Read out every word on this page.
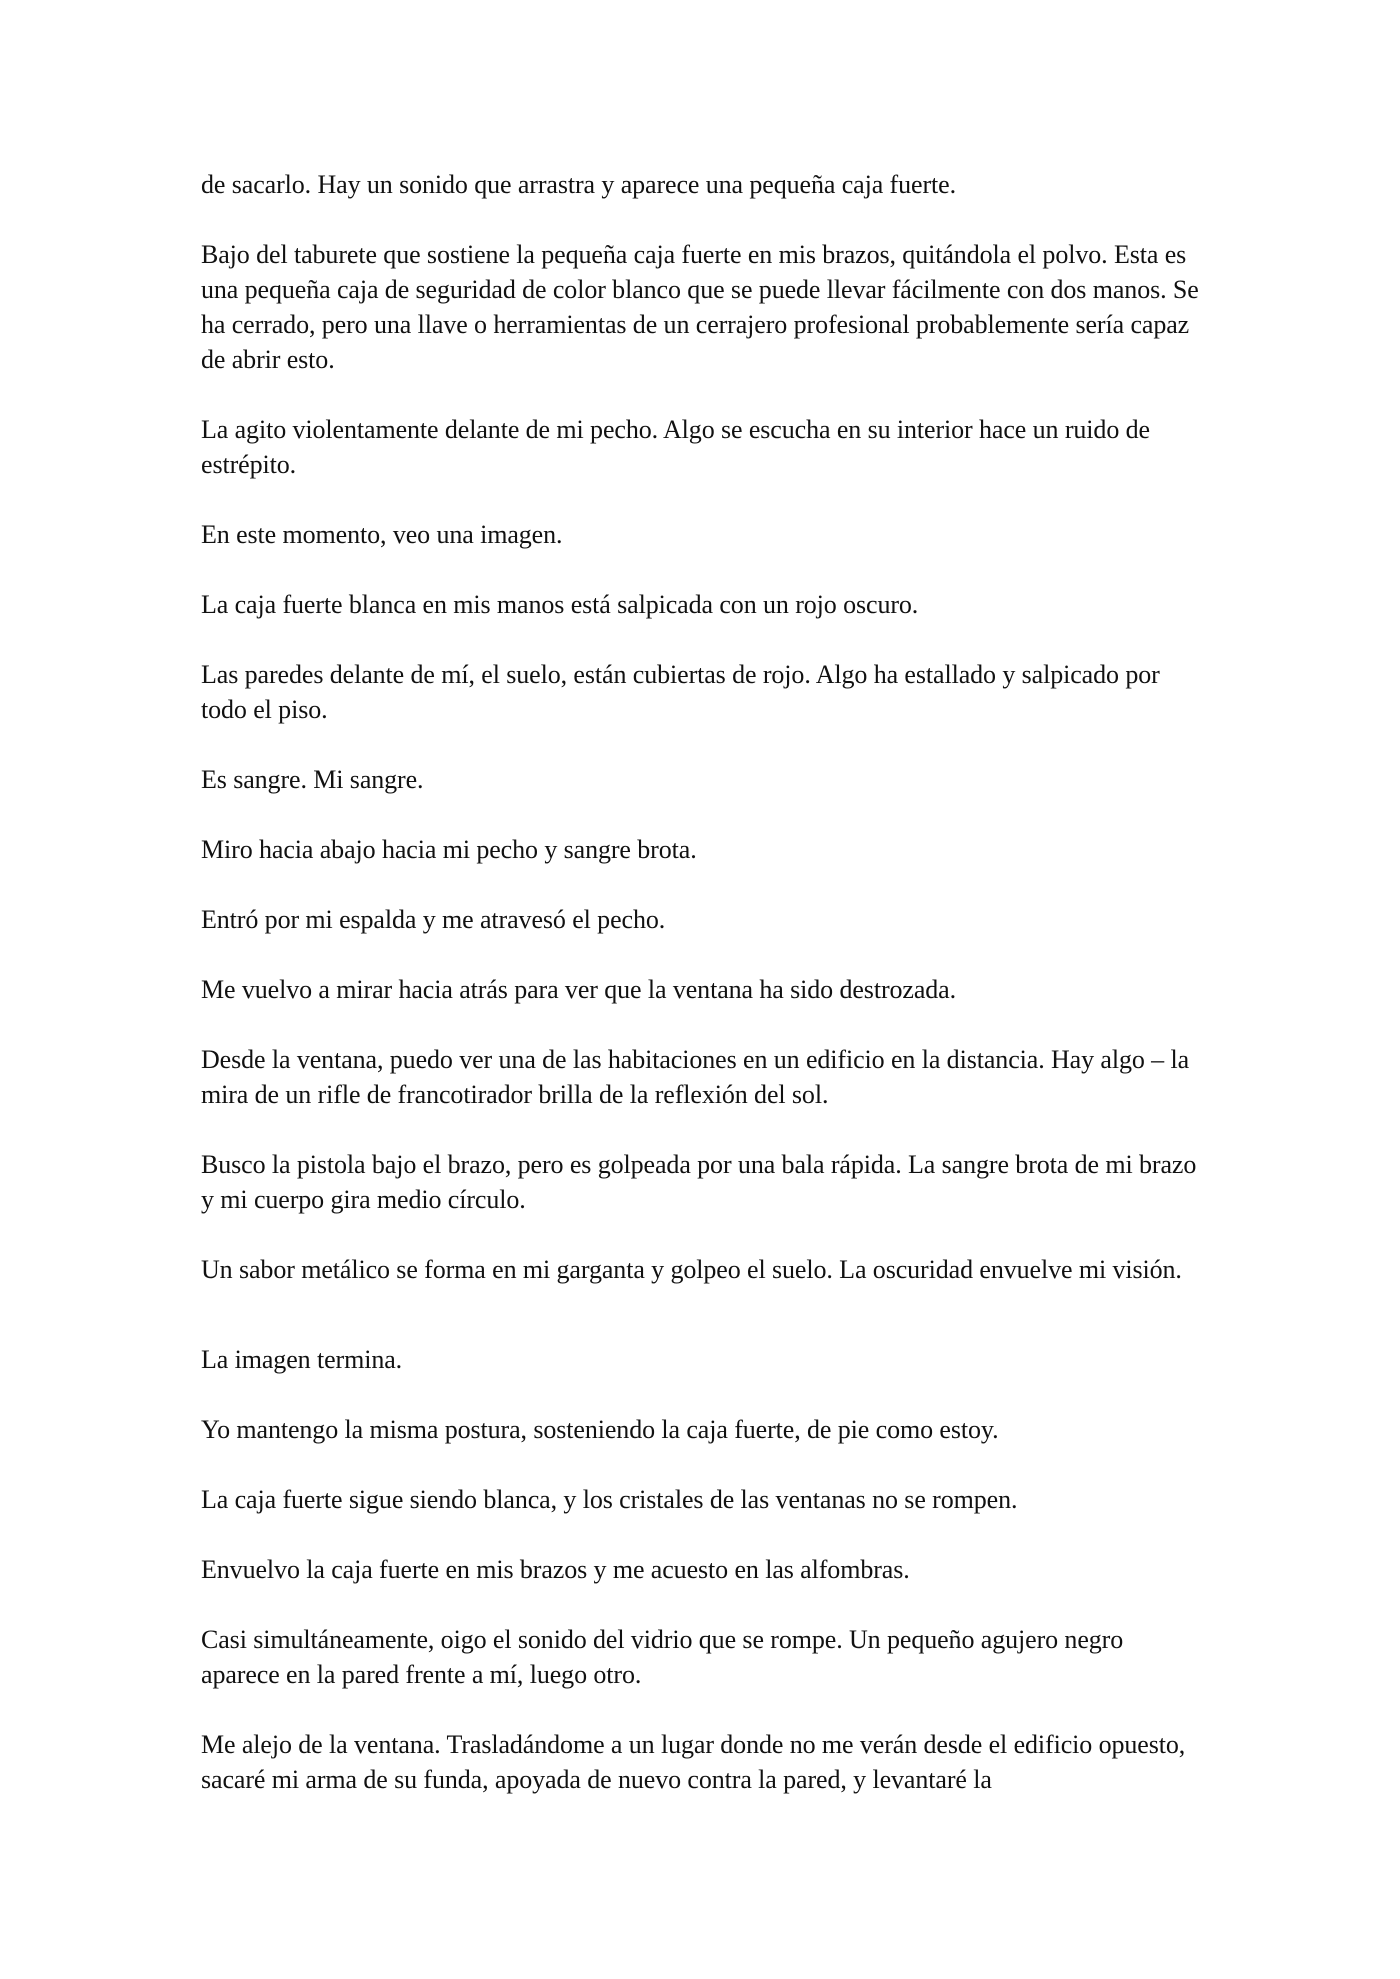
de sacarlo. Hay un sonido que arrastra y aparece una pequeña caja fuerte.

Bajo del taburete que sostiene la pequeña caja fuerte en mis brazos, quitándola el polvo. Esta es una pequeña caja de seguridad de color blanco que se puede llevar fácilmente con dos manos. Se ha cerrado, pero una llave o herramientas de un cerrajero profesional probablemente sería capaz de abrir esto.

La agito violentamente delante de mi pecho. Algo se escucha en su interior hace un ruido de estrépito.

En este momento, veo una imagen.

La caja fuerte blanca en mis manos está salpicada con un rojo oscuro.

Las paredes delante de mí, el suelo, están cubiertas de rojo. Algo ha estallado y salpicado por todo el piso.

Es sangre. Mi sangre.

Miro hacia abajo hacia mi pecho y sangre brota.

Entró por mi espalda y me atravesó el pecho.

Me vuelvo a mirar hacia atrás para ver que la ventana ha sido destrozada.

Desde la ventana, puedo ver una de las habitaciones en un edificio en la distancia. Hay algo – la mira de un rifle de francotirador brilla de la reflexión del sol.

Busco la pistola bajo el brazo, pero es golpeada por una bala rápida. La sangre brota de mi brazo y mi cuerpo gira medio círculo.

Un sabor metálico se forma en mi garganta y golpeo el suelo. La oscuridad envuelve mi visión.

La imagen termina.

Yo mantengo la misma postura, sosteniendo la caja fuerte, de pie como estoy.

La caja fuerte sigue siendo blanca, y los cristales de las ventanas no se rompen.

Envuelvo la caja fuerte en mis brazos y me acuesto en las alfombras.

Casi simultáneamente, oigo el sonido del vidrio que se rompe. Un pequeño agujero negro aparece en la pared frente a mí, luego otro.

Me alejo de la ventana. Trasladándome a un lugar donde no me verán desde el edificio opuesto, sacaré mi arma de su funda, apoyada de nuevo contra la pared, y levantaré la
